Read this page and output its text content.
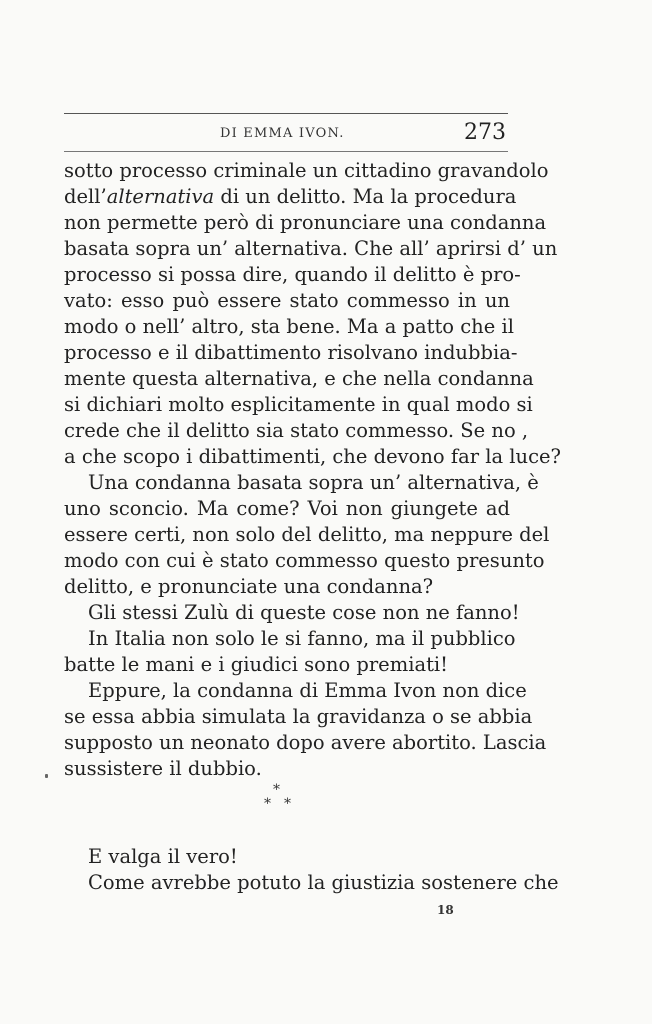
DI EMMA IVON.	273
sotto processo criminale un cittadino gravandolo
dell’alternativa di un delitto. Ma la procedura
non permette però di pronunciare una condanna
basata sopra un’ alternativa. Che all’ aprirsi d’ un
processo si possa dire, quando il delitto è pro-
vato: esso può essere stato commesso in un
modo o nell’ altro, sta bene. Ma a patto che il
processo e il dibattimento risolvano indubbia-
mente questa alternativa, e che nella condanna
si dichiari molto esplicitamente in qual modo si
crede che il delitto sia stato commesso. Se no ,
a che scopo i dibattimenti, che devono far la luce?
Una condanna basata sopra un’ alternativa, è
uno sconcio. Ma come? Voi non giungete ad
essere certi, non solo del delitto, ma neppure del
modo con cui è stato commesso questo presunto
delitto, e pronunciate una condanna?
Gli stessi Zulù di queste cose non ne fanno!
In Italia non solo le si fanno, ma il pubblico
batte le mani e i giudici sono premiati!
Eppure, la condanna di Emma Ivon non dice
se essa abbia simulata la gravidanza o se abbia
supposto un neonato dopo avere abortito. Lascia
sussistere il dubbio.
*
* *
E valga il vero!
Come avrebbe potuto la giustizia sostenere che
18
